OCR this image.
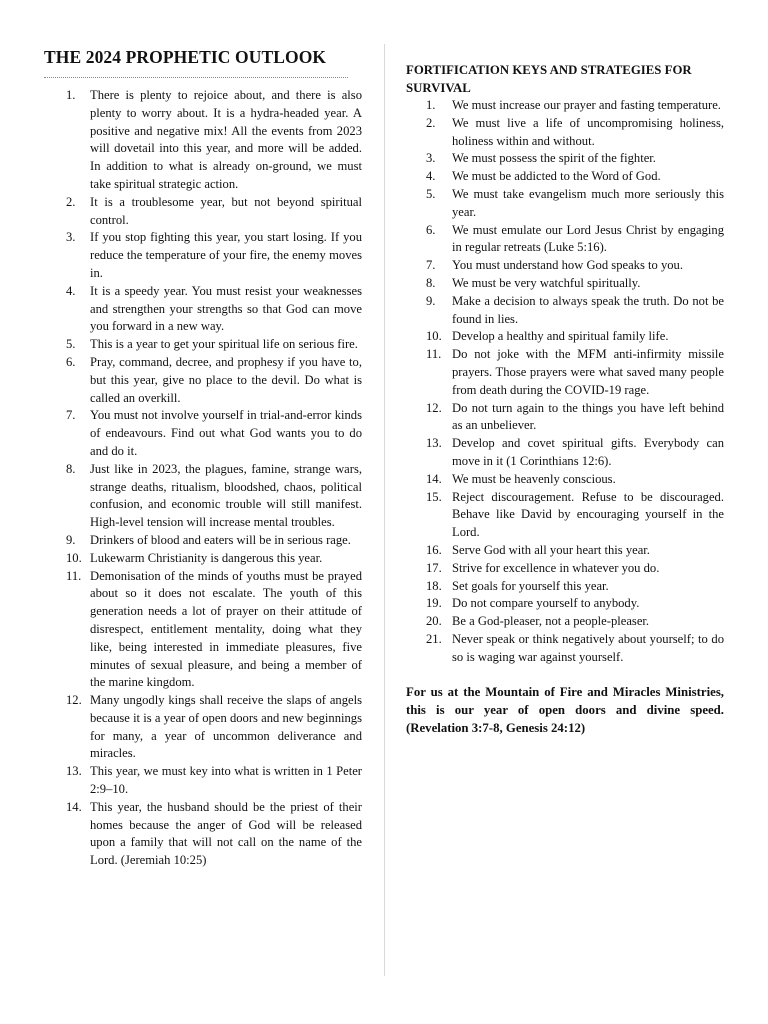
THE 2024 PROPHETIC OUTLOOK
1. There is plenty to rejoice about, and there is also plenty to worry about. It is a hydra-headed year. A positive and negative mix! All the events from 2023 will dovetail into this year, and more will be added. In addition to what is already on-ground, we must take spiritual strategic action.
2. It is a troublesome year, but not beyond spiritual control.
3. If you stop fighting this year, you start losing. If you reduce the temperature of your fire, the enemy moves in.
4. It is a speedy year. You must resist your weaknesses and strengthen your strengths so that God can move you forward in a new way.
5. This is a year to get your spiritual life on serious fire.
6. Pray, command, decree, and prophesy if you have to, but this year, give no place to the devil. Do what is called an overkill.
7. You must not involve yourself in trial-and-error kinds of endeavours. Find out what God wants you to do and do it.
8. Just like in 2023, the plagues, famine, strange wars, strange deaths, ritualism, bloodshed, chaos, political confusion, and economic trouble will still manifest. High-level tension will increase mental troubles.
9. Drinkers of blood and eaters will be in serious rage.
10. Lukewarm Christianity is dangerous this year.
11. Demonisation of the minds of youths must be prayed about so it does not escalate. The youth of this generation needs a lot of prayer on their attitude of disrespect, entitlement mentality, doing what they like, being interested in immediate pleasures, five minutes of sexual pleasure, and being a member of the marine kingdom.
12. Many ungodly kings shall receive the slaps of angels because it is a year of open doors and new beginnings for many, a year of uncommon deliverance and miracles.
13. This year, we must key into what is written in 1 Peter 2:9–10.
14. This year, the husband should be the priest of their homes because the anger of God will be released upon a family that will not call on the name of the Lord. (Jeremiah 10:25)
FORTIFICATION KEYS AND STRATEGIES FOR SURVIVAL
1. We must increase our prayer and fasting temperature.
2. We must live a life of uncompromising holiness, holiness within and without.
3. We must possess the spirit of the fighter.
4. We must be addicted to the Word of God.
5. We must take evangelism much more seriously this year.
6. We must emulate our Lord Jesus Christ by engaging in regular retreats (Luke 5:16).
7. You must understand how God speaks to you.
8. We must be very watchful spiritually.
9. Make a decision to always speak the truth. Do not be found in lies.
10. Develop a healthy and spiritual family life.
11. Do not joke with the MFM anti-infirmity missile prayers. Those prayers were what saved many people from death during the COVID-19 rage.
12. Do not turn again to the things you have left behind as an unbeliever.
13. Develop and covet spiritual gifts. Everybody can move in it (1 Corinthians 12:6).
14. We must be heavenly conscious.
15. Reject discouragement. Refuse to be discouraged. Behave like David by encouraging yourself in the Lord.
16. Serve God with all your heart this year.
17. Strive for excellence in whatever you do.
18. Set goals for yourself this year.
19. Do not compare yourself to anybody.
20. Be a God-pleaser, not a people-pleaser.
21. Never speak or think negatively about yourself; to do so is waging war against yourself.
For us at the Mountain of Fire and Miracles Ministries, this is our year of open doors and divine speed. (Revelation 3:7-8, Genesis 24:12)
